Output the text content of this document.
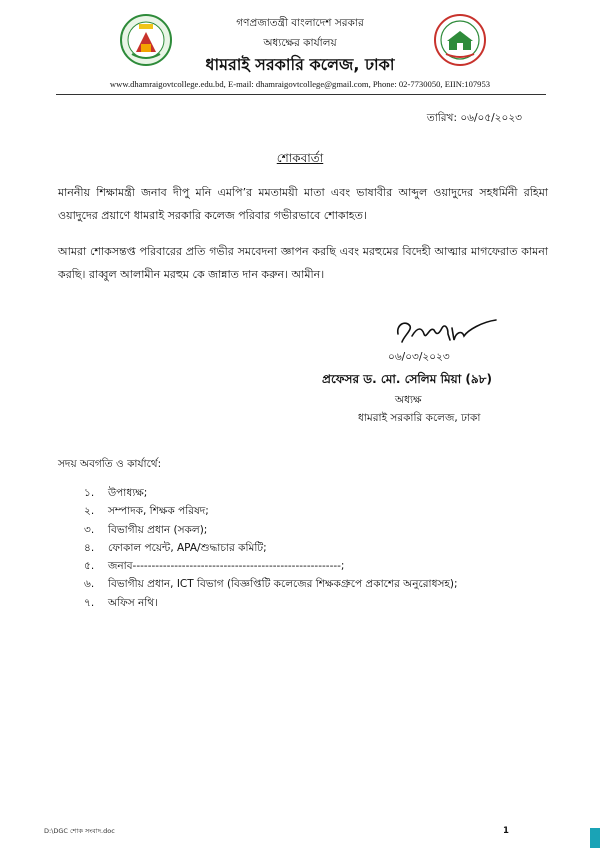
গণপ্রজাতন্ত্রী বাংলাদেশ সরকার
অধ্যক্ষের কার্যালয়
ধামরাই সরকারি কলেজ, ঢাকা
www.dhamraigovtcollege.edu.bd, E-mail: dhamraigovtcollege@gmail.com, Phone: 02-7730050, EIIN:107953
তারিখ: ০৬/০৫/২০২৩
শোকবার্তা
মাননীয় শিক্ষামন্ত্রী জনাব দীপু মনি এমপি’র মমতাময়ী মাতা এবং ভাষাবীর আব্দুল ওয়াদুদের সহধর্মিনী রহিমা ওয়াদুদের প্রয়াণে ধামরাই সরকারি কলেজ পরিবার গভীরভাবে শোকাহত।
আমরা শোকসন্তপ্ত পরিবারের প্রতি গভীর সমবেদনা জ্ঞাপন করছি এবং মরহুমের বিদেহী আত্মার মাগফেরাত কামনা করছি। রাব্বুল আলামীন মরহুম কে জান্নাত দান করুন। আমীন।
০৬/০৩/২০২৩
প্রফেসর ড. মো. সেলিম মিয়া (৯৮)
অধ্যক্ষ
ধামরাই সরকারি কলেজ, ঢাকা
সদয় অবগতি ও কার্যার্থে:
১. উপাধ্যক্ষ;
২. সম্পাদক, শিক্ষক পরিষদ;
৩. বিভাগীয় প্রধান (সকল);
৪. ফোকাল পয়েন্ট, APA/শুদ্ধাচার কমিটি;
৫. জনাব-------------------------------------------------------;
৬. বিভাগীয় প্রধান, ICT বিভাগ (বিজ্ঞপ্তিটি কলেজের শিক্ষকগ্রুপে প্রকাশের অনুরোধসহ);
৭. অফিস নথি।
D:\DGC শোক সংবাদ.doc	1
